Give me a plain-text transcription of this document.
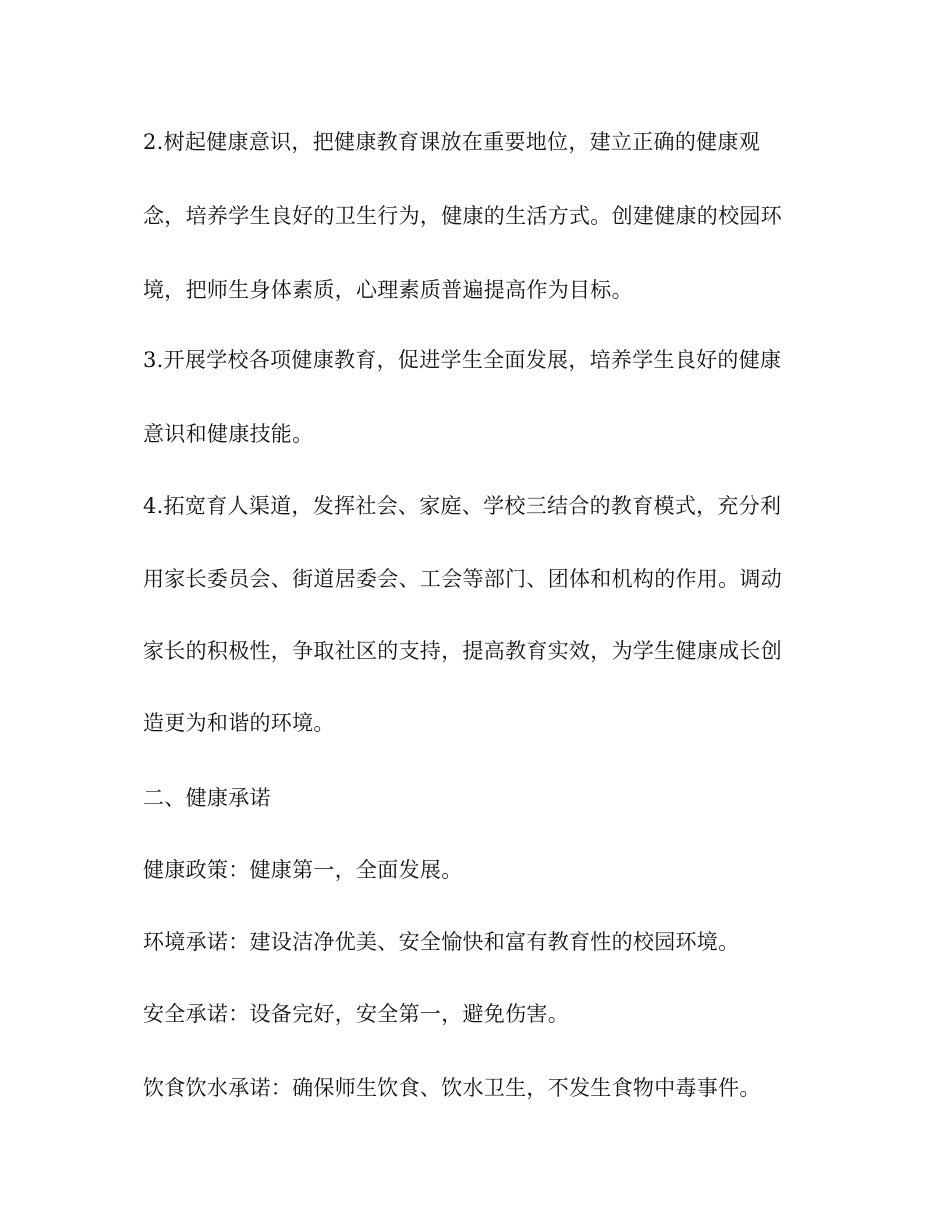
2.树起健康意识，把健康教育课放在重要地位，建立正确的健康观
念，培养学生良好的卫生行为，健康的生活方式。创建健康的校园环
境，把师生身体素质，心理素质普遍提高作为目标。
3.开展学校各项健康教育，促进学生全面发展，培养学生良好的健康
意识和健康技能。
4.拓宽育人渠道，发挥社会、家庭、学校三结合的教育模式，充分利
用家长委员会、街道居委会、工会等部门、团体和机构的作用。调动
家长的积极性，争取社区的支持，提高教育实效，为学生健康成长创
造更为和谐的环境。
二、健康承诺
健康政策：健康第一，全面发展。
环境承诺：建设洁净优美、安全愉快和富有教育性的校园环境。
安全承诺：设备完好，安全第一，避免伤害。
饮食饮水承诺：确保师生饮食、饮水卫生，不发生食物中毒事件。
